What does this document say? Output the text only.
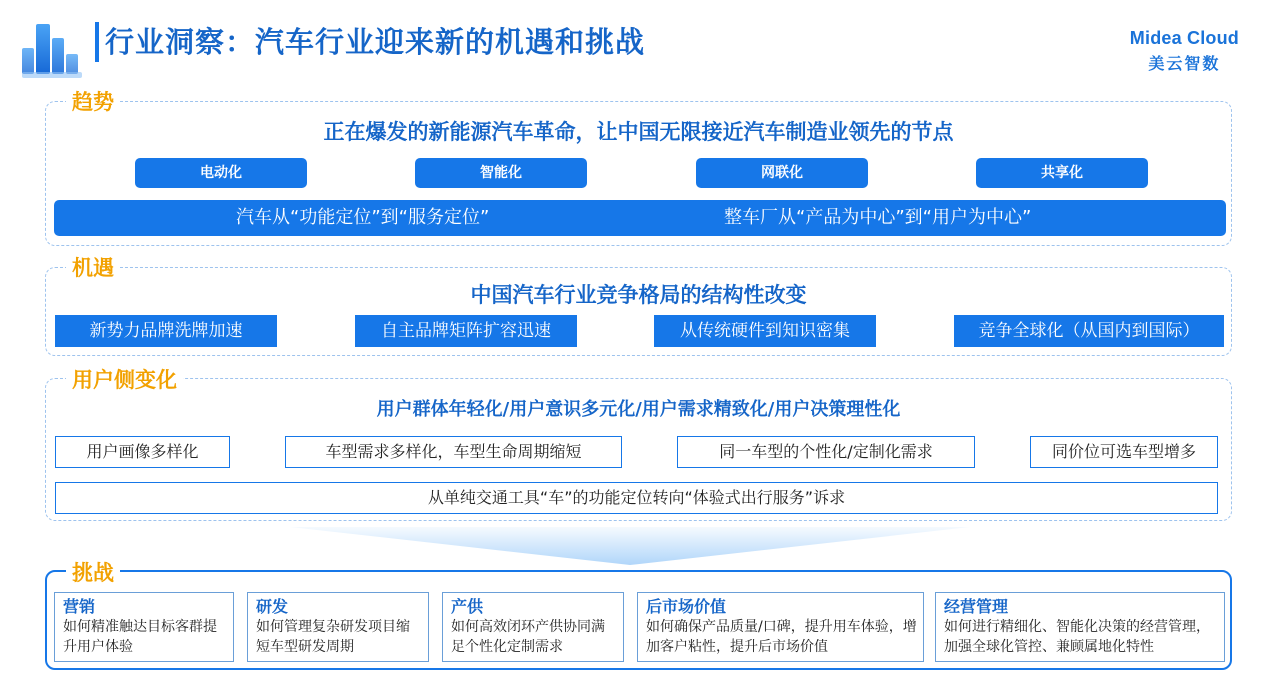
行业洞察：汽车行业迎来新的机遇和挑战	Midea Cloud
美云智数
正在爆发的新能源汽车革命，让中国无限接近汽车制造业领先的节点
电动化	智能化	网联化	共享化
汽车从“功能定位”到“服务定位”	整车厂从“产品为中心”到“用户为中心”
趋势
中国汽车行业竞争格局的结构性改变
新势力品牌洗牌加速	自主品牌矩阵扩容迅速	从传统硬件到知识密集	竞争全球化（从国内到国际）
机遇
用户群体年轻化/用户意识多元化/用户需求精致化/用户决策理性化
用户画像多样化	车型需求多样化，车型生命周期缩短	同一车型的个性化/定制化需求	同价位可选车型增多
从单纯交通工具“车”的功能定位转向“体验式出行服务”诉求
用户侧变化
挑战
营销
如何精准触达目标客群提升用户体验
研发
如何管理复杂研发项目缩短车型研发周期
产供
如何高效闭环产供协同满足个性化定制需求
后市场价值
如何确保产品质量/口碑，提升用车体验，增加客户粘性，提升后市场价值
经营管理
如何进行精细化、智能化决策的经营管理，加强全球化管控、兼顾属地化特性
